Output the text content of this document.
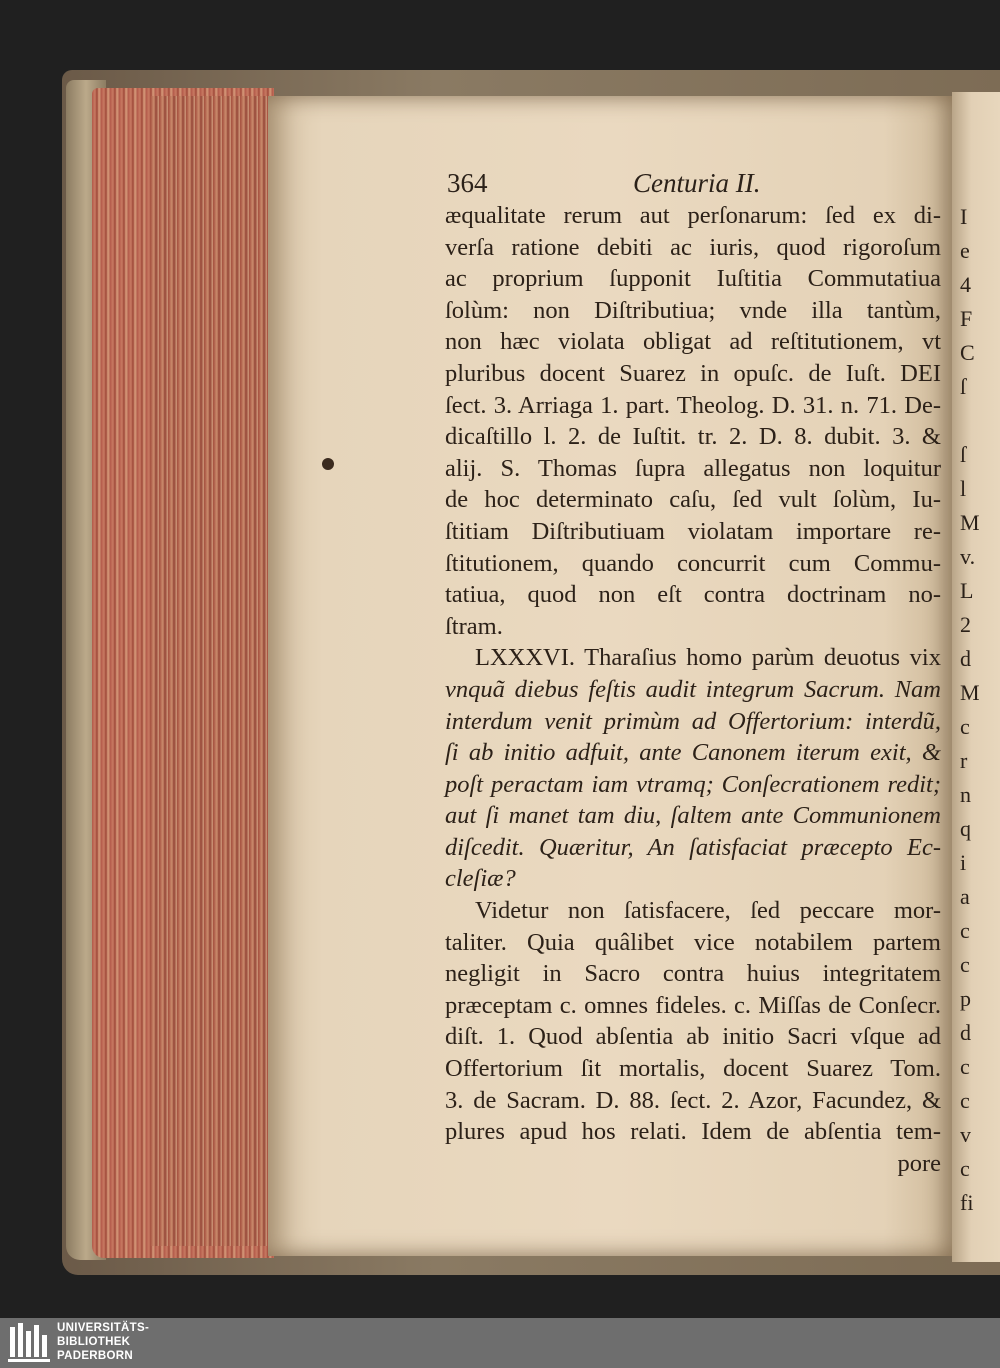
I
e
4
F
C
ſ
ſ
l
M
v.
L
2
d
M
c
r
n
q
i
a
c
c
p
d
c
c
v
c
fi
364	Centuria II.
æqualitate rerum aut perſonarum: ſed ex di-
verſa ratione debiti ac iuris, quod rigoroſum
ac proprium ſupponit Iuſtitia Commutatiua
ſolùm: non Diſtributiua; vnde illa tantùm,
non hæc violata obligat ad reſtitutionem, vt
pluribus docent Suarez in opuſc. de Iuſt. DEI
ſect. 3. Arriaga 1. part. Theolog. D. 31. n. 71. De-
dicaſtillo l. 2. de Iuſtit. tr. 2. D. 8. dubit. 3. &
alij. S. Thomas ſupra allegatus non loquitur
de hoc determinato caſu, ſed vult ſolùm, Iu-
ſtitiam Diſtributiuam violatam importare re-
ſtitutionem, quando concurrit cum Commu-
tatiua, quod non eſt contra doctrinam no-
ſtram.
LXXXVI. Tharaſius homo parùm deuotus vix
vnquã diebus feſtis audit integrum Sacrum. Nam
interdum venit primùm ad Offertorium: interdũ,
ſi ab initio adfuit, ante Canonem iterum exit, &
poſt peractam iam vtramq; Conſecrationem redit;
aut ſi manet tam diu, ſaltem ante Communionem
diſcedit. Quæritur, An ſatisfaciat præcepto Ec-
cleſiæ?
Videtur non ſatisfacere, ſed peccare mor-
taliter. Quia quâlibet vice notabilem partem
negligit in Sacro contra huius integritatem
præceptam c. omnes fideles. c. Miſſas de Conſecr.
diſt. 1. Quod abſentia ab initio Sacri vſque ad
Offertorium ſit mortalis, docent Suarez Tom.
3. de Sacram. D. 88. ſect. 2. Azor, Facundez, &
plures apud hos relati. Idem de abſentia tem-
pore
UNIVERSITÄTS-
BIBLIOTHEK
PADERBORN
